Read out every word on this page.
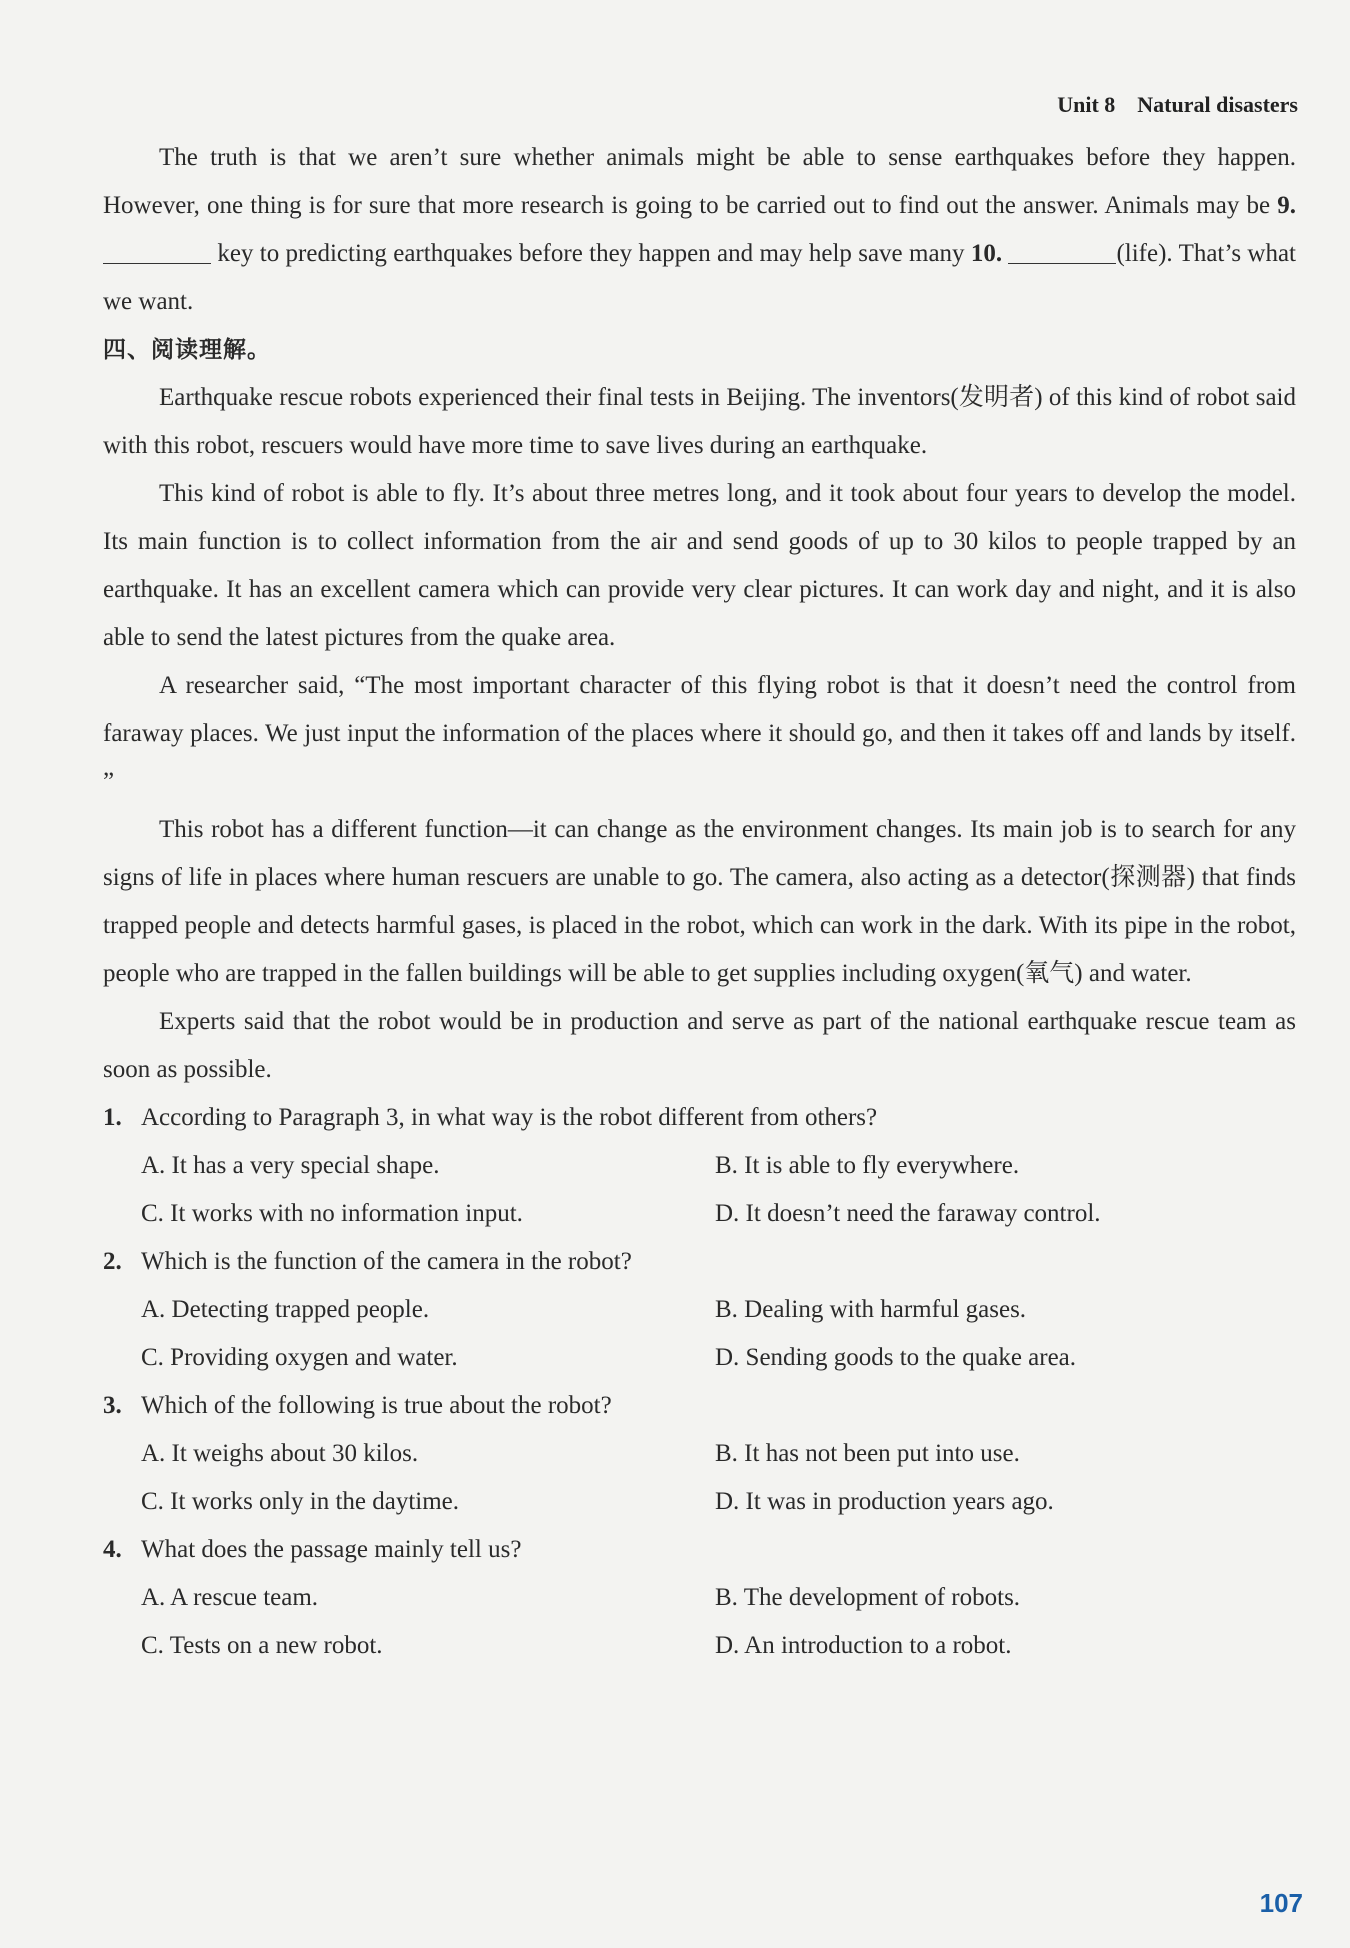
Unit 8 Natural disasters

The truth is that we aren’t sure whether animals might be able to sense earthquakes before they happen. However, one thing is for sure that more research is going to be carried out to find out the answer. Animals may be 9.  key to predicting earthquakes before they happen and may help save many 10.	(life). That’s what we want.

四、阅读理解。

Earthquake rescue robots experienced their final tests in Beijing. The inventors(发明者) of this kind of robot said with this robot, rescuers would have more time to save lives during an earthquake.

This kind of robot is able to fly. It’s about three metres long, and it took about four years to develop the model. Its main function is to collect information from the air and send goods of up to 30 kilos to people trapped by an earthquake. It has an excellent camera which can provide very clear pictures. It can work day and night, and it is also able to send the latest pictures from the quake area.

A researcher said, “The most important character of this flying robot is that it doesn’t need the control from faraway places. We just input the information of the places where it should go, and then it takes off and lands by itself. ”

This robot has a different function—it can change as the environment changes. Its main job is to search for any signs of life in places where human rescuers are unable to go. The camera, also acting as a detector(探测器) that finds trapped people and detects harmful gases, is placed in the robot, which can work in the dark. With its pipe in the robot, people who are trapped in the fallen buildings will be able to get supplies including oxygen(氧气) and water.

Experts said that the robot would be in production and serve as part of the national earthquake rescue team as soon as possible.

1. According to Paragraph 3, in what way is the robot different from others?
A. It has a very special shape.	B. It is able to fly everywhere.
C. It works with no information input.	D. It doesn’t need the faraway control.
2. Which is the function of the camera in the robot?
A. Detecting trapped people.	B. Dealing with harmful gases.
C. Providing oxygen and water.	D. Sending goods to the quake area.
3. Which of the following is true about the robot?
A. It weighs about 30 kilos.	B. It has not been put into use.
C. It works only in the daytime.	D. It was in production years ago.
4. What does the passage mainly tell us?
A. A rescue team.	B. The development of robots.
C. Tests on a new robot.	D. An introduction to a robot.
107
